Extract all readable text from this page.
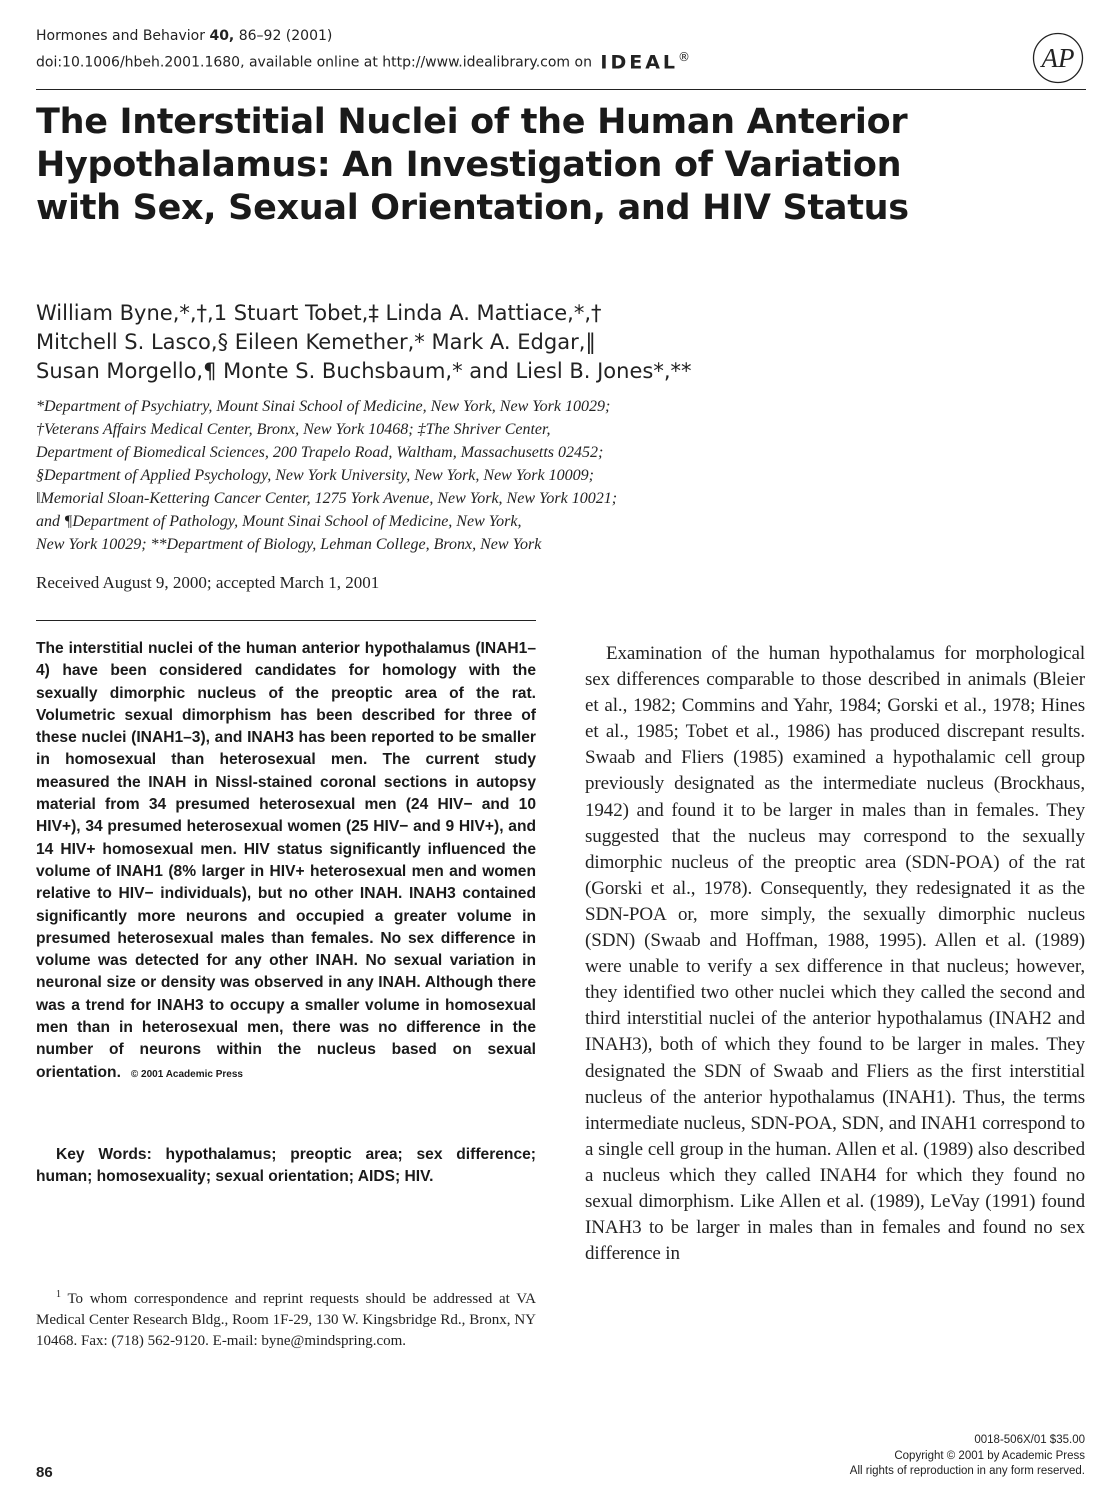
Hormones and Behavior 40, 86–92 (2001)
doi:10.1006/hbeh.2001.1680, available online at http://www.idealibrary.com on IDEAL®	AP
The Interstitial Nuclei of the Human Anterior
Hypothalamus: An Investigation of Variation
with Sex, Sexual Orientation, and HIV Status
William Byne,*,†,1 Stuart Tobet,‡ Linda A. Mattiace,*,†
Mitchell S. Lasco,§ Eileen Kemether,* Mark A. Edgar,‖
Susan Morgello,¶ Monte S. Buchsbaum,* and Liesl B. Jones*,**
*Department of Psychiatry, Mount Sinai School of Medicine, New York, New York 10029;
†Veterans Affairs Medical Center, Bronx, New York 10468; ‡The Shriver Center,
Department of Biomedical Sciences, 200 Trapelo Road, Waltham, Massachusetts 02452;
§Department of Applied Psychology, New York University, New York, New York 10009;
‖Memorial Sloan-Kettering Cancer Center, 1275 York Avenue, New York, New York 10021;
and ¶Department of Pathology, Mount Sinai School of Medicine, New York,
New York 10029; **Department of Biology, Lehman College, Bronx, New York
Received August 9, 2000; accepted March 1, 2001

The interstitial nuclei of the human anterior hypothalamus (INAH1–4) have been considered candidates for homology with the sexually dimorphic nucleus of the preoptic area of the rat. Volumetric sexual dimorphism has been described for three of these nuclei (INAH1–3), and INAH3 has been reported to be smaller in homosexual than heterosexual men. The current study measured the INAH in Nissl-stained coronal sections in autopsy material from 34 presumed heterosexual men (24 HIV− and 10 HIV+), 34 presumed heterosexual women (25 HIV− and 9 HIV+), and 14 HIV+ homosexual men. HIV status significantly influenced the volume of INAH1 (8% larger in HIV+ heterosexual men and women relative to HIV− individuals), but no other INAH. INAH3 contained significantly more neurons and occupied a greater volume in presumed heterosexual males than females. No sex difference in volume was detected for any other INAH. No sexual variation in neuronal size or density was observed in any INAH. Although there was a trend for INAH3 to occupy a smaller volume in homosexual men than in heterosexual men, there was no difference in the number of neurons within the nucleus based on sexual orientation. © 2001 Academic Press

Key Words: hypothalamus; preoptic area; sex difference; human; homosexuality; sexual orientation; AIDS; HIV.

$^1$ To whom correspondence and reprint requests should be addressed at VA Medical Center Research Bldg., Room 1F-29, 130 W. Kingsbridge Rd., Bronx, NY 10468. Fax: (718) 562-9120. E-mail: byne@mindspring.com.

Examination of the human hypothalamus for morphological sex differences comparable to those described in animals (Bleier et al., 1982; Commins and Yahr, 1984; Gorski et al., 1978; Hines et al., 1985; Tobet et al., 1986) has produced discrepant results. Swaab and Fliers (1985) examined a hypothalamic cell group previously designated as the intermediate nucleus (Brockhaus, 1942) and found it to be larger in males than in females. They suggested that the nucleus may correspond to the sexually dimorphic nucleus of the preoptic area (SDN-POA) of the rat (Gorski et al., 1978). Consequently, they redesignated it as the SDN-POA or, more simply, the sexually dimorphic nucleus (SDN) (Swaab and Hoffman, 1988, 1995). Allen et al. (1989) were unable to verify a sex difference in that nucleus; however, they identified two other nuclei which they called the second and third interstitial nuclei of the anterior hypothalamus (INAH2 and INAH3), both of which they found to be larger in males. They designated the SDN of Swaab and Fliers as the first interstitial nucleus of the anterior hypothalamus (INAH1). Thus, the terms intermediate nucleus, SDN-POA, SDN, and INAH1 correspond to a single cell group in the human. Allen et al. (1989) also described a nucleus which they called INAH4 for which they found no sexual dimorphism. Like Allen et al. (1989), LeVay (1991) found INAH3 to be larger in males than in females and found no sex difference in

86
0018-506X/01 $35.00
Copyright © 2001 by Academic Press
All rights of reproduction in any form reserved.
